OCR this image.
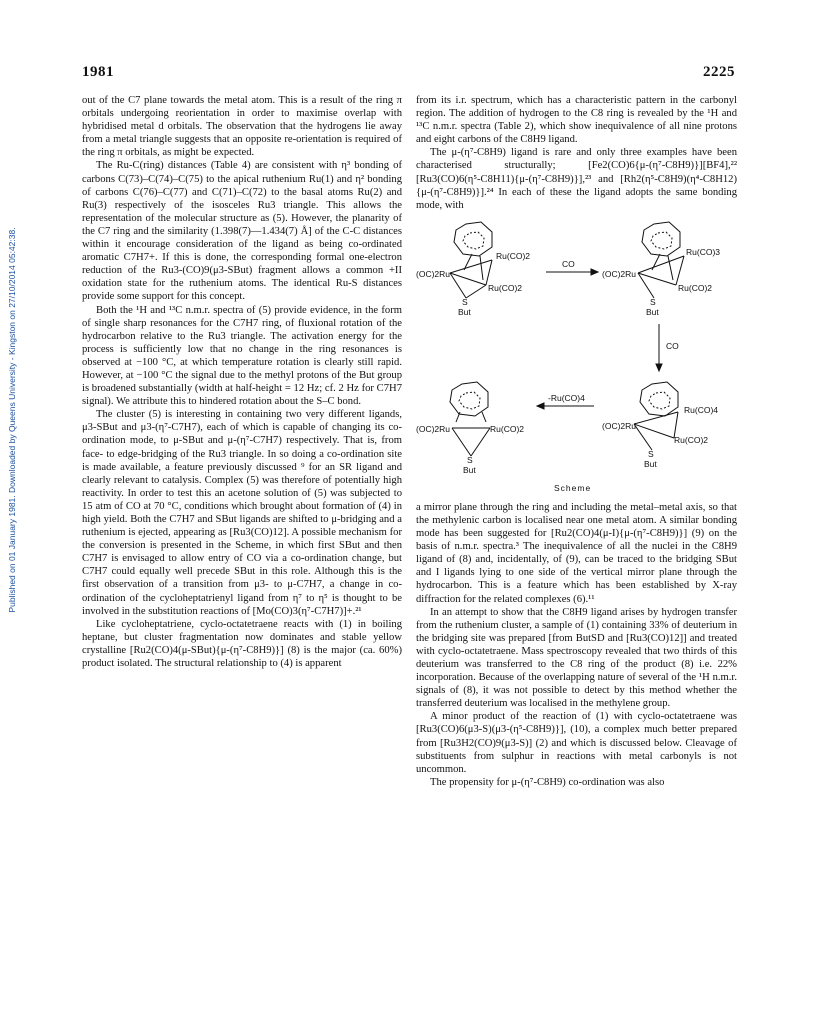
1981	2225
Published on 01 January 1981. Downloaded by Queens University - Kingston on 27/10/2014 05:42:38.

out of the C7 plane towards the metal atom. This is a result of the ring π orbitals undergoing reorientation in order to maximise overlap with hybridised metal d orbitals. The observation that the hydrogens lie away from a metal triangle suggests that an opposite re-orientation is required of the ring π orbitals, as might be expected.

The Ru-C(ring) distances (Table 4) are consistent with η³ bonding of carbons C(73)–C(74)–C(75) to the apical ruthenium Ru(1) and η² bonding of carbons C(76)–C(77) and C(71)–C(72) to the basal atoms Ru(2) and Ru(3) respectively of the isosceles Ru3 triangle. This allows the representation of the molecular structure as (5). However, the planarity of the C7 ring and the similarity (1.398(7)—1.434(7) Å] of the C-C distances within it encourage consideration of the ligand as being co-ordinated aromatic C7H7+. If this is done, the corresponding formal one-electron reduction of the Ru3-(CO)9(μ3-SBut) fragment allows a common +II oxidation state for the ruthenium atoms. The identical Ru-S distances provide some support for this concept.

Both the ¹H and ¹³C n.m.r. spectra of (5) provide evidence, in the form of single sharp resonances for the C7H7 ring, of fluxional rotation of the hydrocarbon relative to the Ru3 triangle. The activation energy for the process is sufficiently low that no change in the ring resonances is observed at −100 °C, at which temperature rotation is clearly still rapid. However, at −100 °C the signal due to the methyl protons of the But group is broadened substantially (width at half-height = 12 Hz; cf. 2 Hz for C7H7 signal). We attribute this to hindered rotation about the S–C bond.

The cluster (5) is interesting in containing two very different ligands, μ3-SBut and μ3-(η⁷-C7H7), each of which is capable of changing its co-ordination mode, to μ-SBut and μ-(η⁷-C7H7) respectively. That is, from face- to edge-bridging of the Ru3 triangle. In so doing a co-ordination site is made available, a feature previously discussed ⁹ for an SR ligand and clearly relevant to catalysis. Complex (5) was therefore of potentially high reactivity. In order to test this an acetone solution of (5) was subjected to 15 atm of CO at 70 °C, conditions which brought about formation of (4) in high yield. Both the C7H7 and SBut ligands are shifted to μ-bridging and a ruthenium is ejected, appearing as [Ru3(CO)12]. A possible mechanism for the conversion is presented in the Scheme, in which first SBut and then C7H7 is envisaged to allow entry of CO via a co-ordination change, but C7H7 could equally well precede SBut in this role. Although this is the first observation of a transition from μ3- to μ-C7H7, a change in co-ordination of the cycloheptatrienyl ligand from η⁷ to η⁵ is thought to be involved in the substitution reactions of [Mo(CO)3(η⁷-C7H7)]+.²¹

Like cycloheptatriene, cyclo-octatetraene reacts with (1) in boiling heptane, but cluster fragmentation now dominates and stable yellow crystalline [Ru2(CO)4(μ-SBut){μ-(η⁷-C8H9)}] (8) is the major (ca. 60%) product isolated. The structural relationship to (4) is apparent

from its i.r. spectrum, which has a characteristic pattern in the carbonyl region. The addition of hydrogen to the C8 ring is revealed by the ¹H and ¹³C n.m.r. spectra (Table 2), which show inequivalence of all nine protons and eight carbons of the C8H9 ligand.

The μ-(η⁷-C8H9) ligand is rare and only three examples have been characterised structurally; [Fe2(CO)6{μ-(η⁷-C8H9)}][BF4],²² [Ru3(CO)6(η⁵-C8H11){μ-(η⁷-C8H9)}],²³ and [Rh2(η⁵-C8H9)(η⁴-C8H12){μ-(η⁷-C8H9)}].²⁴ In each of these the ligand adopts the same bonding mode, with

Ru(CO)2
(OC)2Ru
Ru(CO)2
S
But
CO
Ru(CO)3
(OC)2Ru
Ru(CO)2
S
But
CO
Ru(CO)4
(OC)2Ru
Ru(CO)2
S
But
-Ru(CO)4
(OC)2Ru	Ru(CO)2
S
But
Scheme

a mirror plane through the ring and including the metal–metal axis, so that the methylenic carbon is localised near one metal atom. A similar bonding mode has been suggested for [Ru2(CO)4(μ-I){μ-(η⁷-C8H9)}] (9) on the basis of n.m.r. spectra.³ The inequivalence of all the nuclei in the C8H9 ligand of (8) and, incidentally, of (9), can be traced to the bridging SBut and I ligands lying to one side of the vertical mirror plane through the hydrocarbon. This is a feature which has been established by X-ray diffraction for the related complexes (6).¹¹

In an attempt to show that the C8H9 ligand arises by hydrogen transfer from the ruthenium cluster, a sample of (1) containing 33% of deuterium in the bridging site was prepared [from ButSD and [Ru3(CO)12]] and treated with cyclo-octatetraene. Mass spectroscopy revealed that two thirds of this deuterium was transferred to the C8 ring of the product (8) i.e. 22% incorporation. Because of the overlapping nature of several of the ¹H n.m.r. signals of (8), it was not possible to detect by this method whether the transferred deuterium was localised in the methylene group.

A minor product of the reaction of (1) with cyclo-octatetraene was [Ru3(CO)6(μ3-S)(μ3-(η⁵-C8H9)}], (10), a complex much better prepared from [Ru3H2(CO)9(μ3-S)] (2) and which is discussed below. Cleavage of substituents from sulphur in reactions with metal carbonyls is not uncommon.

The propensity for μ-(η⁷-C8H9) co-ordination was also
